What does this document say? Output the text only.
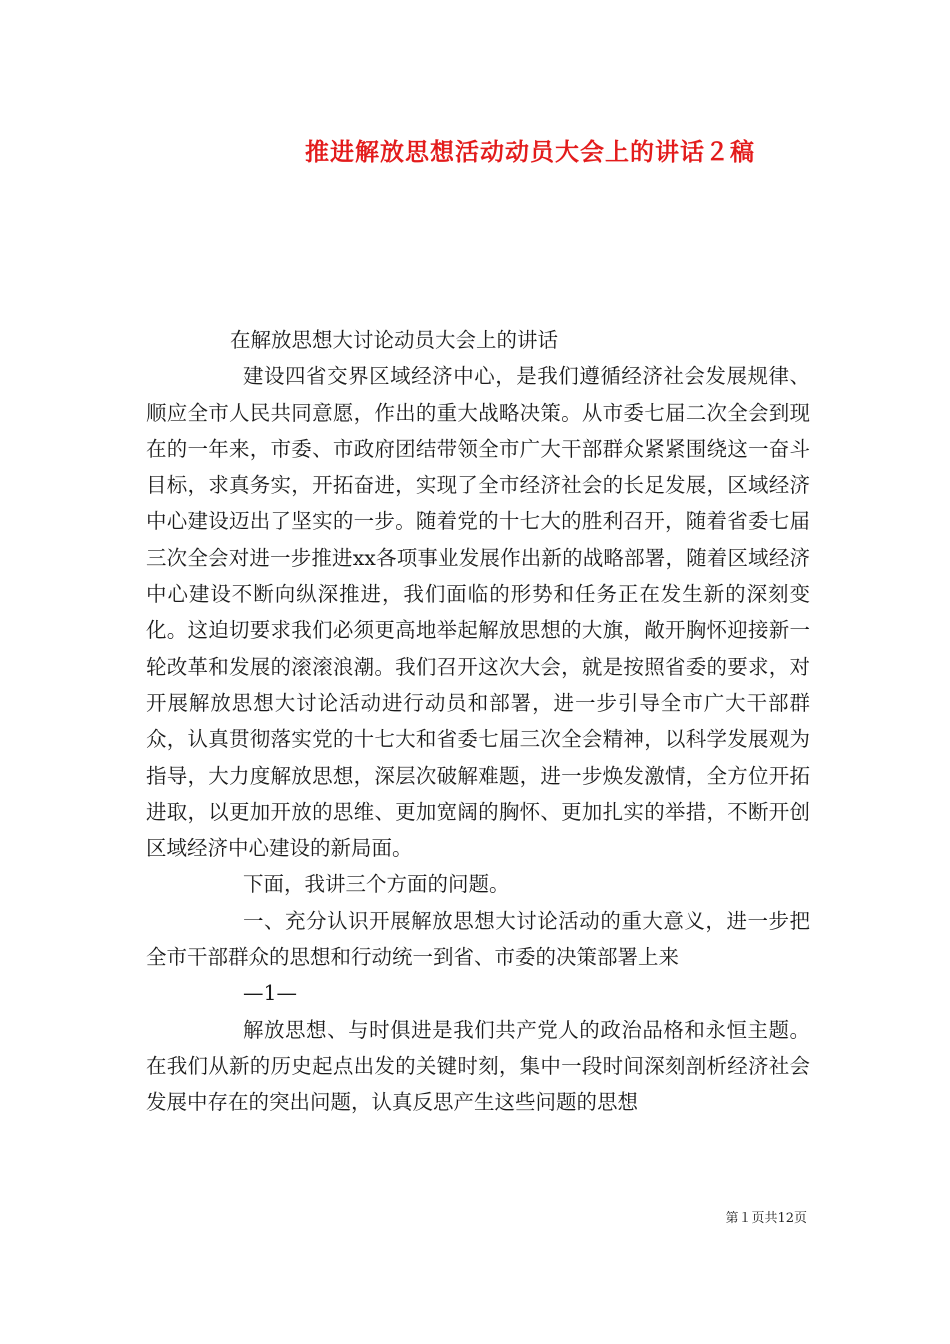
推进解放思想活动动员大会上的讲话２稿

在解放思想大讨论动员大会上的讲话

建设四省交界区域经济中心，是我们遵循经济社会发展规律、顺应全市人民共同意愿，作出的重大战略决策。从市委七届二次全会到现在的一年来，市委、市政府团结带领全市广大干部群众紧紧围绕这一奋斗目标，求真务实，开拓奋进，实现了全市经济社会的长足发展，区域经济中心建设迈出了坚实的一步。随着党的十七大的胜利召开，随着省委七届三次全会对进一步推进xx各项事业发展作出新的战略部署，随着区域经济中心建设不断向纵深推进，我们面临的形势和任务正在发生新的深刻变化。这迫切要求我们必须更高地举起解放思想的大旗，敞开胸怀迎接新一轮改革和发展的滚滚浪潮。我们召开这次大会，就是按照省委的要求，对开展解放思想大讨论活动进行动员和部署，进一步引导全市广大干部群众，认真贯彻落实党的十七大和省委七届三次全会精神，以科学发展观为指导，大力度解放思想，深层次破解难题，进一步焕发激情，全方位开拓进取，以更加开放的思维、更加宽阔的胸怀、更加扎实的举措，不断开创区域经济中心建设的新局面。

下面，我讲三个方面的问题。

一、充分认识开展解放思想大讨论活动的重大意义，进一步把全市干部群众的思想和行动统一到省、市委的决策部署上来

—1—

解放思想、与时俱进是我们共产党人的政治品格和永恒主题。在我们从新的历史起点出发的关键时刻，集中一段时间深刻剖析经济社会发展中存在的突出问题，认真反思产生这些问题的思想

第１页共12页
